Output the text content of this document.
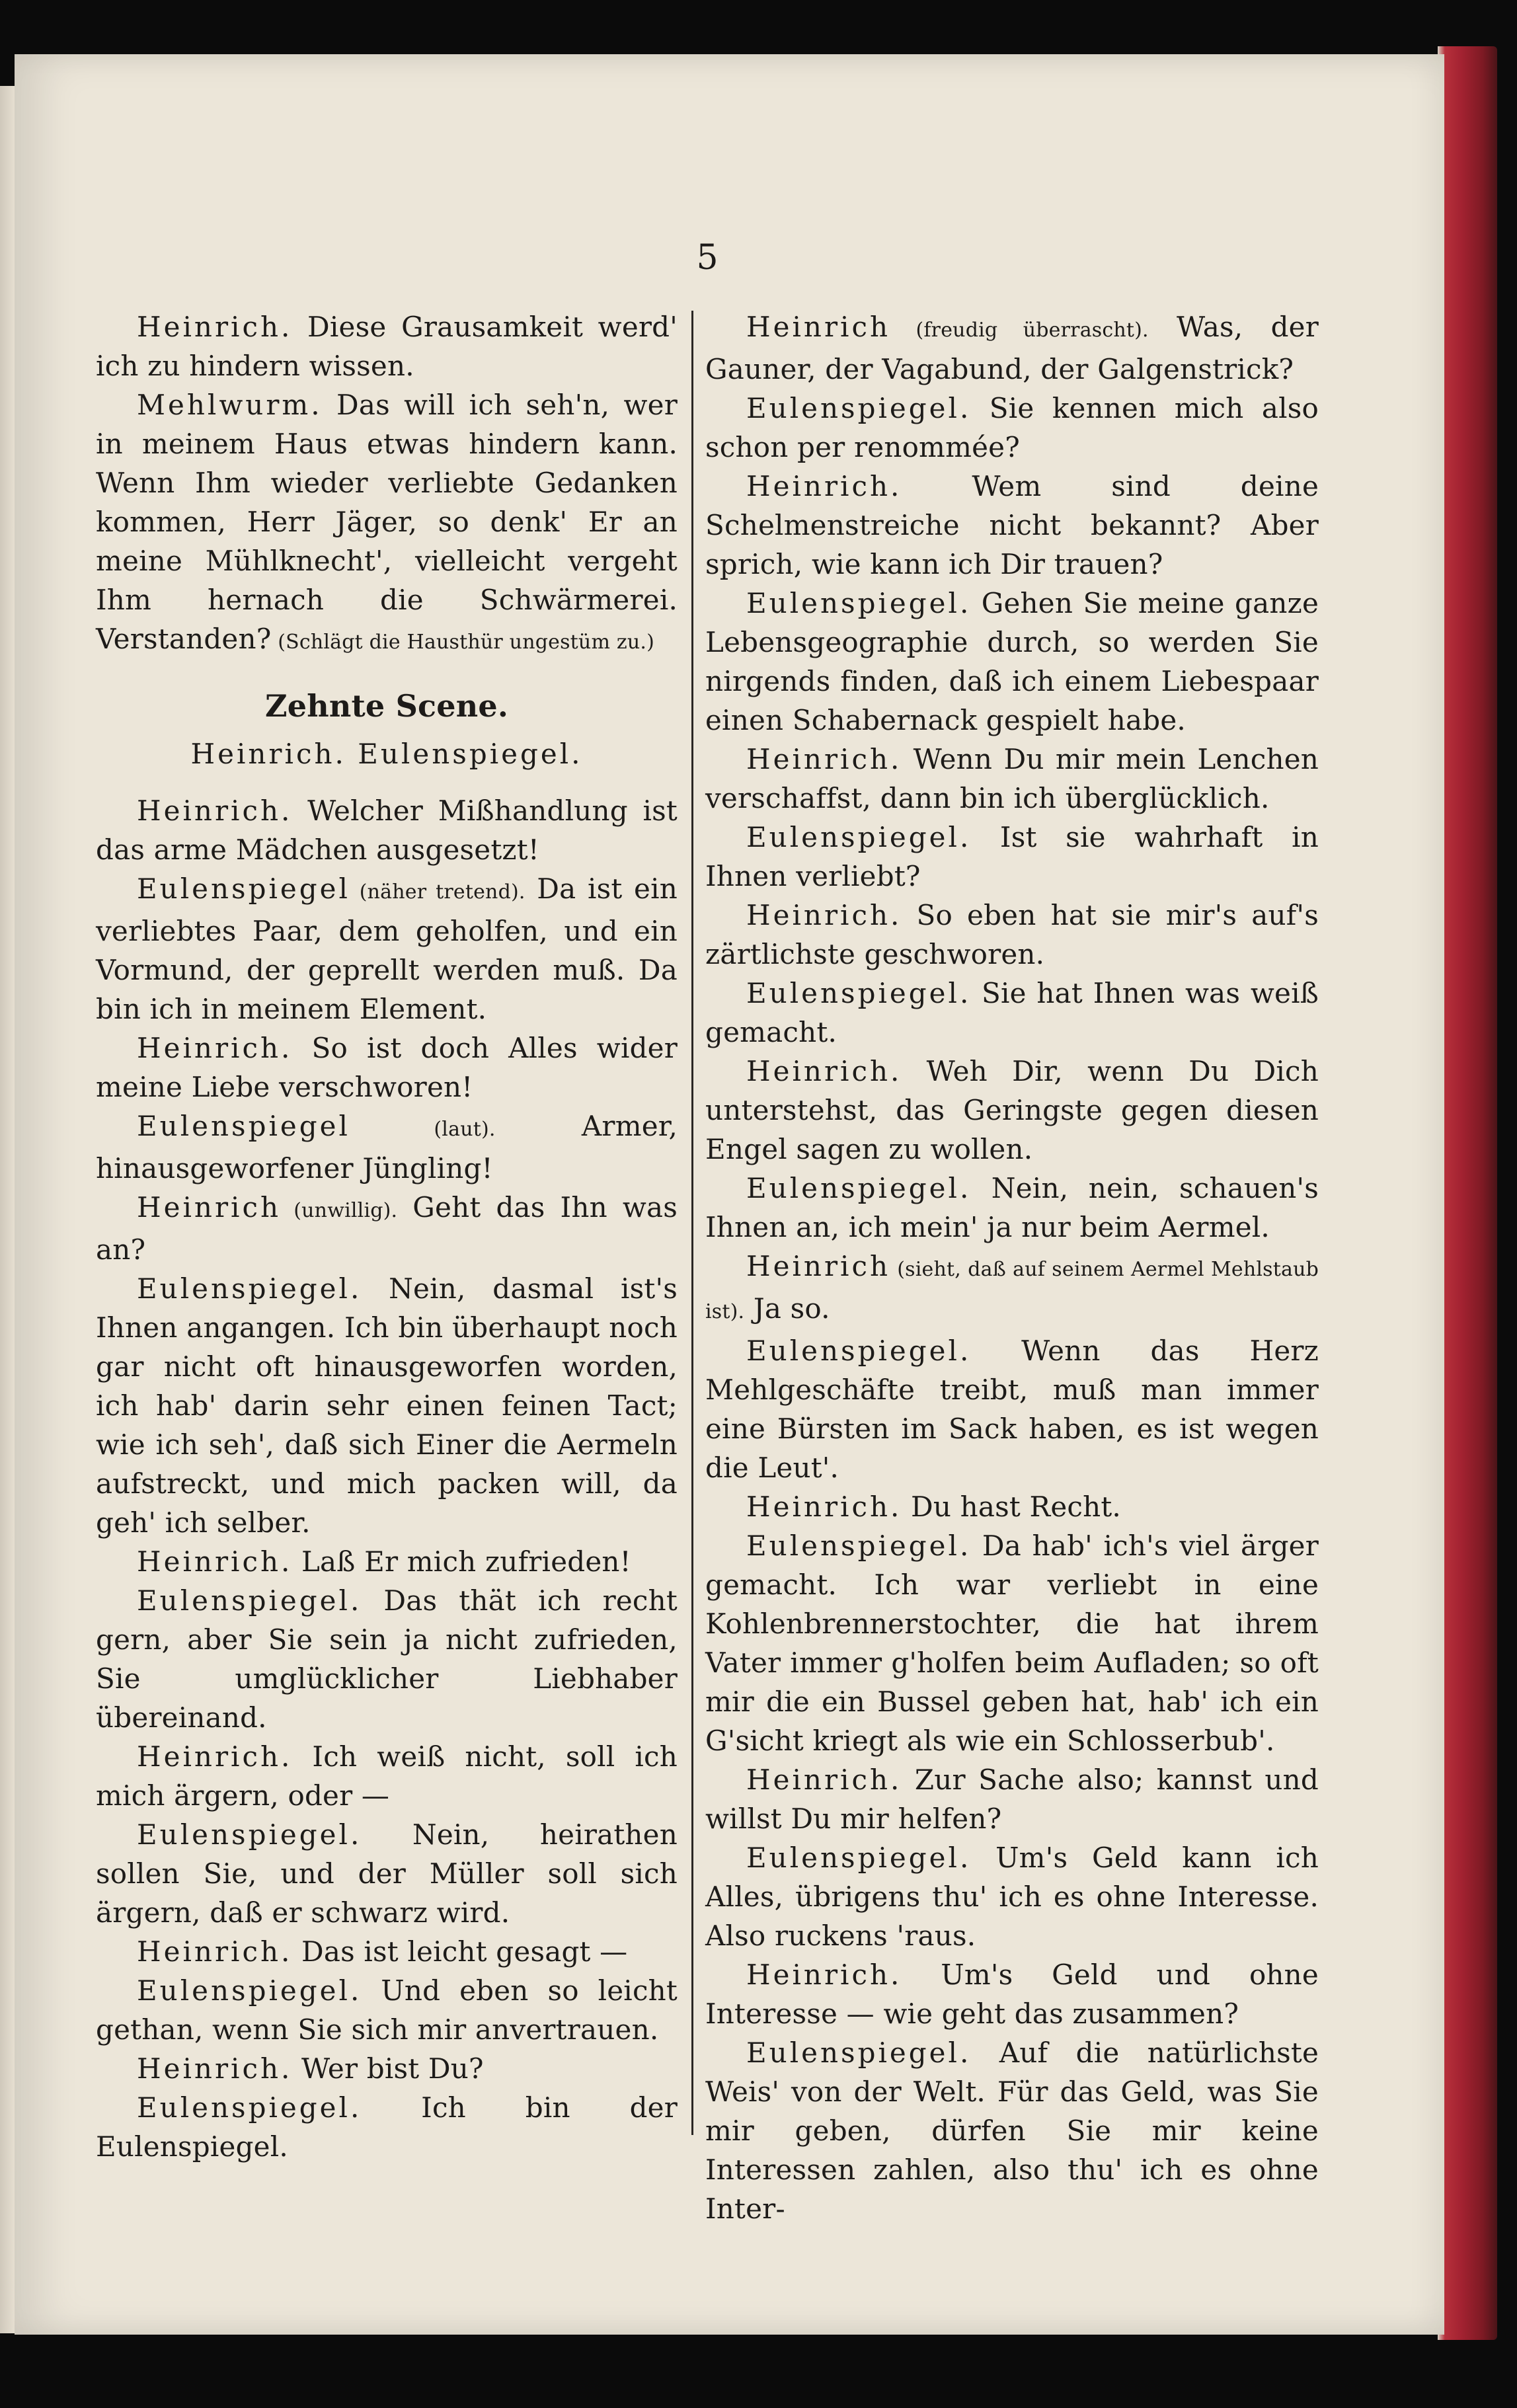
5

Heinrich. Diese Grausamkeit werd' ich zu hindern wissen.

Mehlwurm. Das will ich seh'n, wer in meinem Haus etwas hindern kann. Wenn Ihm wieder verliebte Gedanken kommen, Herr Jäger, so denk' Er an meine Mühlknecht', vielleicht vergeht Ihm hernach die Schwärmerei. Verstanden? (Schlägt die Hausthür ungestüm zu.)

Zehnte Scene.
Heinrich. Eulenspiegel.

Heinrich. Welcher Mißhandlung ist das arme Mädchen ausgesetzt!

Eulenspiegel (näher tretend). Da ist ein verliebtes Paar, dem geholfen, und ein Vormund, der geprellt werden muß. Da bin ich in meinem Element.

Heinrich. So ist doch Alles wider meine Liebe verschworen!

Eulenspiegel (laut). Armer, hinausgeworfener Jüngling!

Heinrich (unwillig). Geht das Ihn was an?

Eulenspiegel. Nein, dasmal ist's Ihnen angangen. Ich bin überhaupt noch gar nicht oft hinausgeworfen worden, ich hab' darin sehr einen feinen Tact; wie ich seh', daß sich Einer die Aermeln aufstreckt, und mich packen will, da geh' ich selber.

Heinrich. Laß Er mich zufrieden!

Eulenspiegel. Das thät ich recht gern, aber Sie sein ja nicht zufrieden, Sie umglücklicher Liebhaber übereinand.

Heinrich. Ich weiß nicht, soll ich mich ärgern, oder —

Eulenspiegel. Nein, heirathen sollen Sie, und der Müller soll sich ärgern, daß er schwarz wird.

Heinrich. Das ist leicht gesagt —

Eulenspiegel. Und eben so leicht gethan, wenn Sie sich mir anvertrauen.

Heinrich. Wer bist Du?

Eulenspiegel. Ich bin der Eulenspiegel.

Heinrich (freudig überrascht). Was, der Gauner, der Vagabund, der Galgenstrick?

Eulenspiegel. Sie kennen mich also schon per renommée?

Heinrich. Wem sind deine Schelmenstreiche nicht bekannt? Aber sprich, wie kann ich Dir trauen?

Eulenspiegel. Gehen Sie meine ganze Lebensgeographie durch, so werden Sie nirgends finden, daß ich einem Liebespaar einen Schabernack gespielt habe.

Heinrich. Wenn Du mir mein Lenchen verschaffst, dann bin ich überglücklich.

Eulenspiegel. Ist sie wahrhaft in Ihnen verliebt?

Heinrich. So eben hat sie mir's auf's zärtlichste geschworen.

Eulenspiegel. Sie hat Ihnen was weiß gemacht.

Heinrich. Weh Dir, wenn Du Dich unterstehst, das Geringste gegen diesen Engel sagen zu wollen.

Eulenspiegel. Nein, nein, schauen's Ihnen an, ich mein' ja nur beim Aermel.

Heinrich (sieht, daß auf seinem Aermel Mehlstaub ist). Ja so.

Eulenspiegel. Wenn das Herz Mehlgeschäfte treibt, muß man immer eine Bürsten im Sack haben, es ist wegen die Leut'.

Heinrich. Du hast Recht.

Eulenspiegel. Da hab' ich's viel ärger gemacht. Ich war verliebt in eine Kohlenbrennerstochter, die hat ihrem Vater immer g'holfen beim Aufladen; so oft mir die ein Bussel geben hat, hab' ich ein G'sicht kriegt als wie ein Schlosserbub'.

Heinrich. Zur Sache also; kannst und willst Du mir helfen?

Eulenspiegel. Um's Geld kann ich Alles, übrigens thu' ich es ohne Interesse. Also ruckens 'raus.

Heinrich. Um's Geld und ohne Interesse — wie geht das zusammen?

Eulenspiegel. Auf die natürlichste Weis' von der Welt. Für das Geld, was Sie mir geben, dürfen Sie mir keine Interessen zahlen, also thu' ich es ohne Inter-
